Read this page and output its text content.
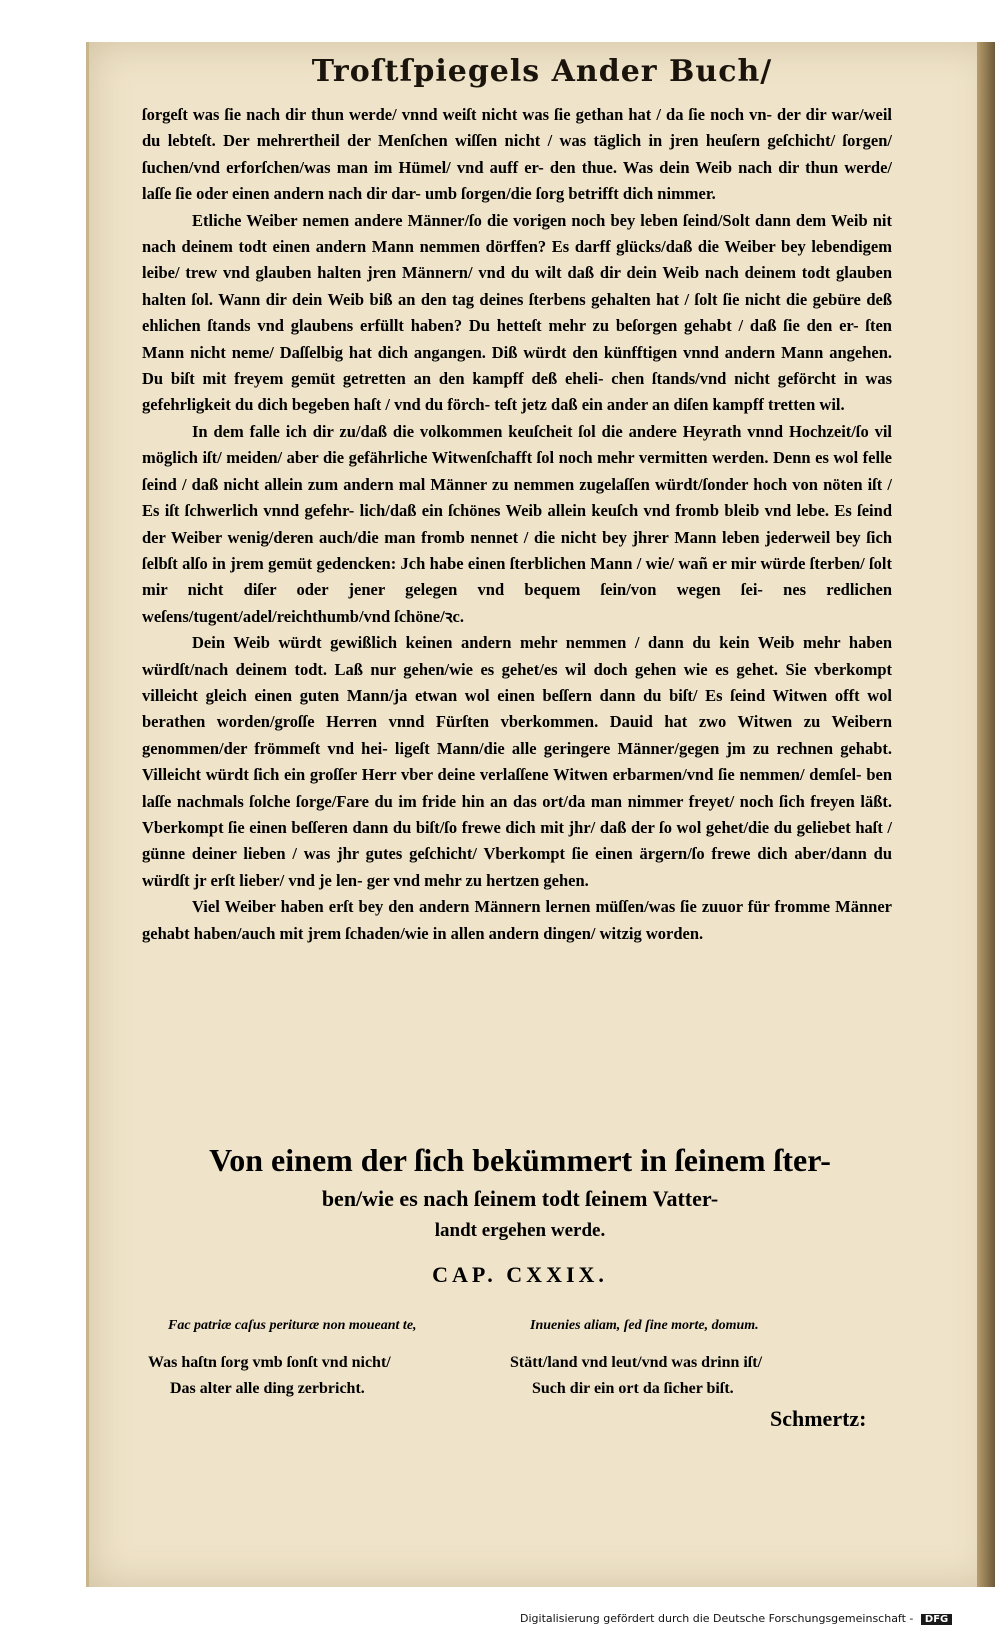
Troſtſpiegels Ander Buch/

ſorgeſt was ſie nach dir thun werde/ vnnd weiſt nicht was ſie gethan hat / da ſie noch vn- der dir war/weil du lebteſt. Der mehrertheil der Menſchen wiſſen nicht / was täglich in jren heuſern geſchicht/ ſorgen/ſuchen/vnd erforſchen/was man im Hümel/ vnd auff er- den thue. Was dein Weib nach dir thun werde/ laſſe ſie oder einen andern nach dir dar- umb ſorgen/die ſorg betrifft dich nimmer.

Etliche Weiber nemen andere Männer/ſo die vorigen noch bey leben ſeind/Solt dann dem Weib nit nach deinem todt einen andern Mann nemmen dörffen? Es darff glücks/daß die Weiber bey lebendigem leibe/ trew vnd glauben halten jren Männern/ vnd du wilt daß dir dein Weib nach deinem todt glauben halten ſol. Wann dir dein Weib biß an den tag deines ſterbens gehalten hat / ſolt ſie nicht die gebüre deß ehlichen ſtands vnd glaubens erfüllt haben? Du hetteſt mehr zu beſorgen gehabt / daß ſie den er- ſten Mann nicht neme/ Daſſelbig hat dich angangen. Diß würdt den künfftigen vnnd andern Mann angehen. Du biſt mit freyem gemüt getretten an den kampff deß eheli- chen ſtands/vnd nicht geförcht in was gefehrligkeit du dich begeben haſt / vnd du förch- teſt jetz daß ein ander an diſen kampff tretten wil.

In dem falle ich dir zu/daß die volkommen keuſcheit ſol die andere Heyrath vnnd Hochzeit/ſo vil möglich iſt/ meiden/ aber die gefährliche Witwenſchafft ſol noch mehr vermitten werden. Denn es wol felle ſeind / daß nicht allein zum andern mal Männer zu nemmen zugelaſſen würdt/ſonder hoch von nöten iſt / Es iſt ſchwerlich vnnd gefehr- lich/daß ein ſchönes Weib allein keuſch vnd fromb bleib vnd lebe. Es ſeind der Weiber wenig/deren auch/die man fromb nennet / die nicht bey jhrer Mann leben jederweil bey ſich ſelbſt alſo in jrem gemüt gedencken: Jch habe einen ſterblichen Mann / wie/ wañ er mir würde ſterben/ ſolt mir nicht diſer oder jener gelegen vnd bequem ſein/von wegen ſei- nes redlichen weſens/tugent/adel/reichthumb/vnd ſchöne/ꝛc.

Dein Weib würdt gewißlich keinen andern mehr nemmen / dann du kein Weib mehr haben würdſt/nach deinem todt. Laß nur gehen/wie es gehet/es wil doch gehen wie es gehet. Sie vberkompt villeicht gleich einen guten Mann/ja etwan wol einen beſſern dann du biſt/ Es ſeind Witwen offt wol berathen worden/groſſe Herren vnnd Fürſten vberkommen. Dauid hat zwo Witwen zu Weibern genommen/der frömmeſt vnd hei- ligeſt Mann/die alle geringere Männer/gegen jm zu rechnen gehabt. Villeicht würdt ſich ein groſſer Herr vber deine verlaſſene Witwen erbarmen/vnd ſie nemmen/ demſel- ben laſſe nachmals ſolche ſorge/Fare du im fride hin an das ort/da man nimmer freyet/ noch ſich freyen läßt. Vberkompt ſie einen beſſeren dann du biſt/ſo frewe dich mit jhr/ daß der ſo wol gehet/die du geliebet haſt / günne deiner lieben / was jhr gutes geſchicht/ Vberkompt ſie einen ärgern/ſo frewe dich aber/dann du würdſt jr erſt lieber/ vnd je len- ger vnd mehr zu hertzen gehen.

Viel Weiber haben erſt bey den andern Männern lernen müſſen/was ſie zuuor für fromme Männer gehabt haben/auch mit jrem ſchaden/wie in allen andern dingen/ witzig worden.

Von einem der ſich bekümmert in ſeinem ſter-
ben/wie es nach ſeinem todt ſeinem Vatter-
landt ergehen werde.
CAP. CXXIX.
Fac patriæ caſus perituræ non moueant te,	Inuenies aliam, ſed ſine morte, domum.
Was haſtn ſorg vmb ſonſt vnd nicht/
Das alter alle ding zerbricht.
Stätt/land vnd leut/vnd was drinn iſt/
Such dir ein ort da ſicher biſt.
Schmertz:
Digitalisierung gefördert durch die Deutsche Forschungsgemeinschaft - DFG
